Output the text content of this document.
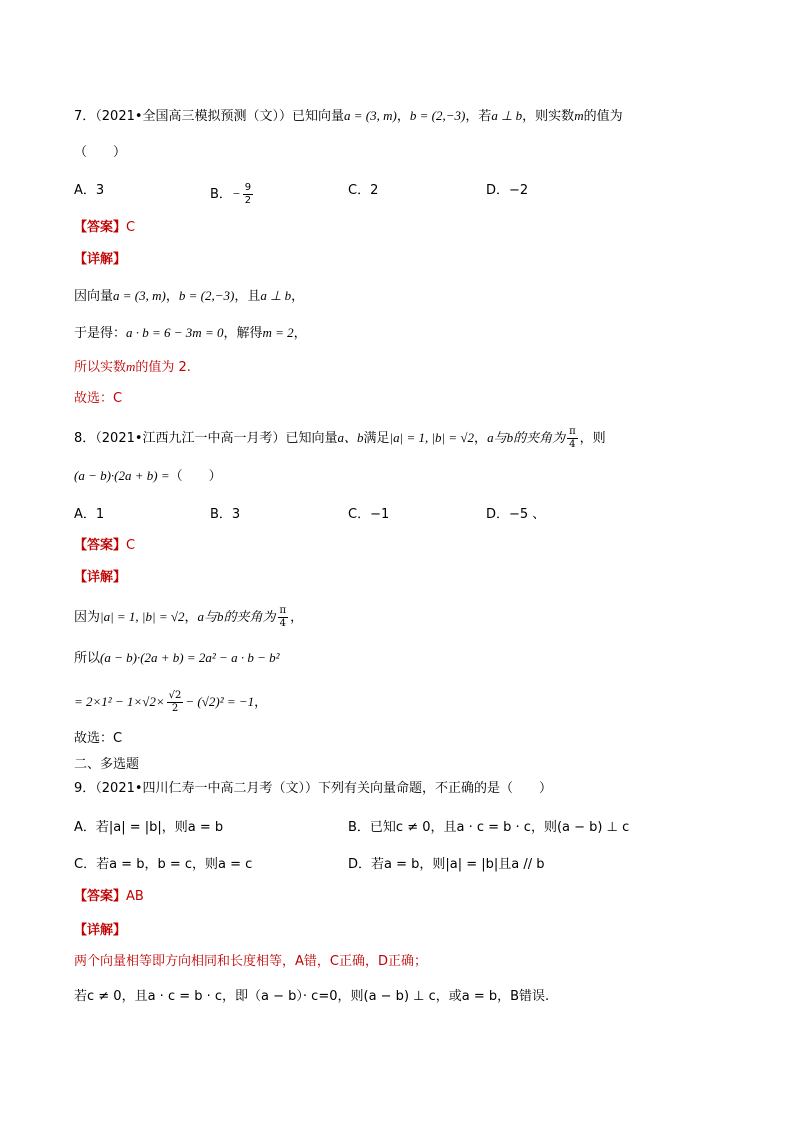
7．（2021•全国高三模拟预测（文））已知向量a = (3, m)，b = (2,−3)，若a ⊥ b，则实数m的值为
（　　）
A．3	B．− $\frac{9}{2}$	C．2	D．−2
【答案】C
【详解】
因向量a = (3, m)，b = (2,−3)，且a ⊥ b，
于是得：a · b = 6 − 3m = 0，解得m = 2，
所以实数m的值为 2.
故选：C
8．（2021•江西九江一中高一月考）已知向量a、b满足|a| = 1, |b| = √2，a与b的夹角为 $\frac{\pi}{4}$ ，则
(a − b)·(2a + b) =（　　）
A．1	B．3	C．−1	D．−5 、
【答案】C
【详解】
因为|a| = 1, |b| = √2，a与b的夹角为 $\frac{\pi}{4}$ ，
所以(a − b)·(2a + b) = 2a² − a · b − b²
= $2\times 1^2 - 1\times√2\times \frac{√2}{2} - (√2)^2 = -1$，
故选：C
二、多选题
9．（2021•四川仁寿一中高二月考（文））下列有关向量命题，不正确的是（　　）
A．若|a| = |b|，则a = b	B．已知c ≠ 0，且a · c = b · c，则(a − b) ⊥ c
C．若a = b，b = c，则a = c	D．若a = b，则|a| = |b|且a // b
【答案】AB
【详解】
两个向量相等即方向相同和长度相等，A错，C正确，D正确；
若c ≠ 0，且a · c = b · c，即（a − b）· c=0，则(a − b) ⊥ c，或a = b，B错误.
